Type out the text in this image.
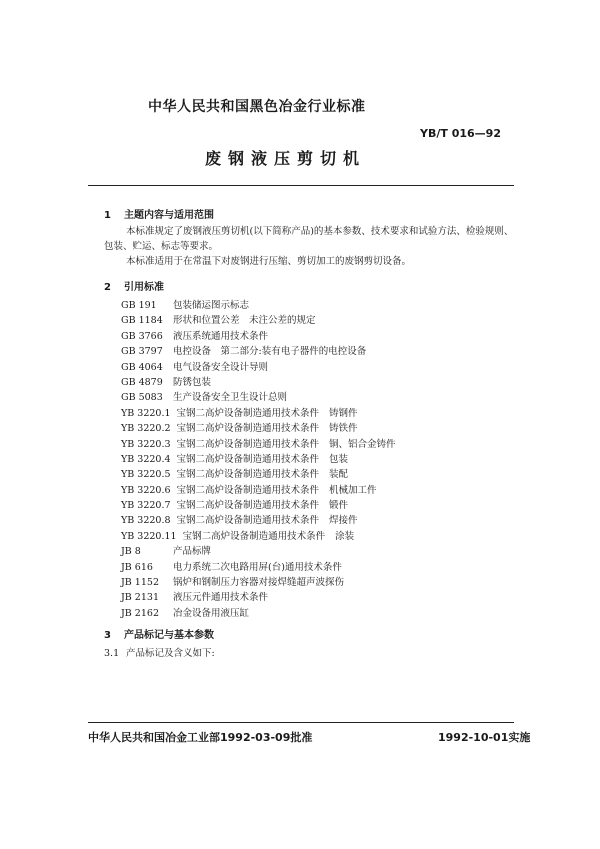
中华人民共和国黑色冶金行业标准
YB/T 016—92
废钢液压剪切机
1 主题内容与适用范围
本标准规定了废钢液压剪切机(以下简称产品)的基本参数、技术要求和试验方法、检验规则、包装、贮运、标志等要求。
本标准适用于在常温下对废钢进行压缩、剪切加工的废钢剪切设备。
2 引用标准
GB 191 包装储运图示标志
GB 1184 形状和位置公差　未注公差的规定
GB 3766 液压系统通用技术条件
GB 3797 电控设备　第二部分:装有电子器件的电控设备
GB 4064 电气设备安全设计导则
GB 4879 防锈包装
GB 5083 生产设备安全卫生设计总则
YB 3220.1 宝钢二高炉设备制造通用技术条件 铸钢件
YB 3220.2 宝钢二高炉设备制造通用技术条件 铸铁件
YB 3220.3 宝钢二高炉设备制造通用技术条件 铜、铝合金铸件
YB 3220.4 宝钢二高炉设备制造通用技术条件 包装
YB 3220.5 宝钢二高炉设备制造通用技术条件 装配
YB 3220.6 宝钢二高炉设备制造通用技术条件 机械加工件
YB 3220.7 宝钢二高炉设备制造通用技术条件 锻件
YB 3220.8 宝钢二高炉设备制造通用技术条件 焊接件
YB 3220.11 宝钢二高炉设备制造通用技术条件 涂装
JB 8	产品标牌
JB 616 电力系统二次电路用屏(台)通用技术条件
JB 1152 锅炉和钢制压力容器对接焊缝超声波探伤
JB 2131 液压元件通用技术条件
JB 2162 冶金设备用液压缸
3 产品标记与基本参数
3.1 产品标记及含义如下:
中华人民共和国冶金工业部1992-03-09批准	1992-10-01实施
